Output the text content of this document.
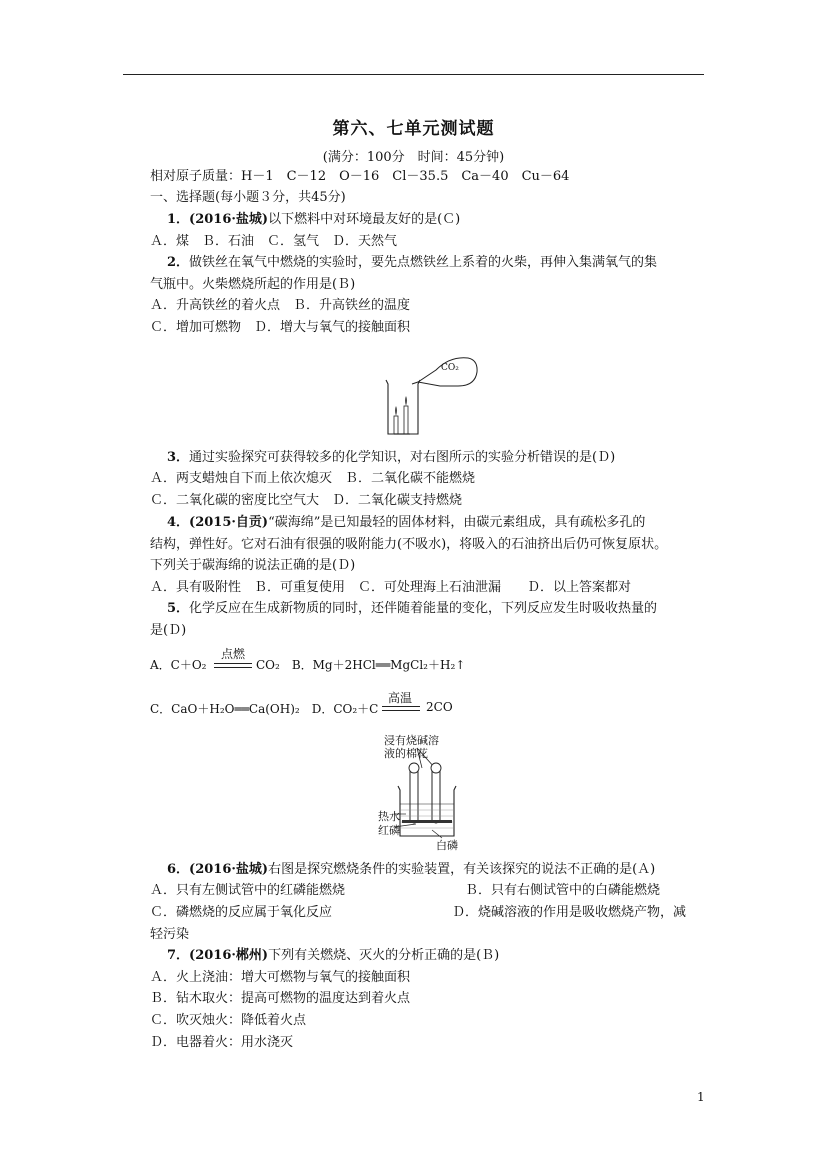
第六、七单元测试题
(满分：100分　时间：45分钟)
相对原子质量：H－1　C－12　O－16　Cl－35.5　Ca－40　Cu－64
一、选择题(每小题３分，共45分)
1．(2016·盐城)以下燃料中对环境最友好的是(Ｃ)
Ａ．煤　Ｂ．石油　Ｃ．氢气　Ｄ．天然气
2．做铁丝在氧气中燃烧的实验时，要先点燃铁丝上系着的火柴，再伸入集满氧气的集
气瓶中。火柴燃烧所起的作用是(Ｂ)
Ａ．升高铁丝的着火点　Ｂ．升高铁丝的温度
Ｃ．增加可燃物　Ｄ．增大与氧气的接触面积
CO₂
3．通过实验探究可获得较多的化学知识，对右图所示的实验分析错误的是(Ｄ)
Ａ．两支蜡烛自下而上依次熄灭　Ｂ．二氧化碳不能燃烧
Ｃ．二氧化碳的密度比空气大　Ｄ．二氧化碳支持燃烧
4．(2015·自贡)“碳海绵”是已知最轻的固体材料，由碳元素组成，具有疏松多孔的
结构，弹性好。它对石油有很强的吸附能力(不吸水)，将吸入的石油挤出后仍可恢复原状。
下列关于碳海绵的说法正确的是(Ｄ)
Ａ．具有吸附性　Ｂ．可重复使用　Ｃ．可处理海上石油泄漏　　Ｄ．以上答案都对
5．化学反应在生成新物质的同时，还伴随着能量的变化，下列反应发生时吸收热量的
是(Ｄ)
A．C＋O₂
点燃
CO₂　B．Mg＋2HCl══MgCl₂＋H₂↑
C．CaO＋H₂O══Ca(OH)₂　D．CO₂＋C
高温
2CO
浸有烧碱溶
液的棉花
热水
红磷
白磷
6．(2016·盐城)右图是探究燃烧条件的实验装置，有关该探究的说法不正确的是(Ａ)
Ａ．只有左侧试管中的红磷能燃烧	Ｂ．只有右侧试管中的白磷能燃烧
Ｃ．磷燃烧的反应属于氧化反应	Ｄ．烧碱溶液的作用是吸收燃烧产物，减
轻污染
7．(2016·郴州)下列有关燃烧、灭火的分析正确的是(Ｂ)
Ａ．火上浇油：增大可燃物与氧气的接触面积
Ｂ．钻木取火：提高可燃物的温度达到着火点
Ｃ．吹灭烛火：降低着火点
Ｄ．电器着火：用水浇灭
1
